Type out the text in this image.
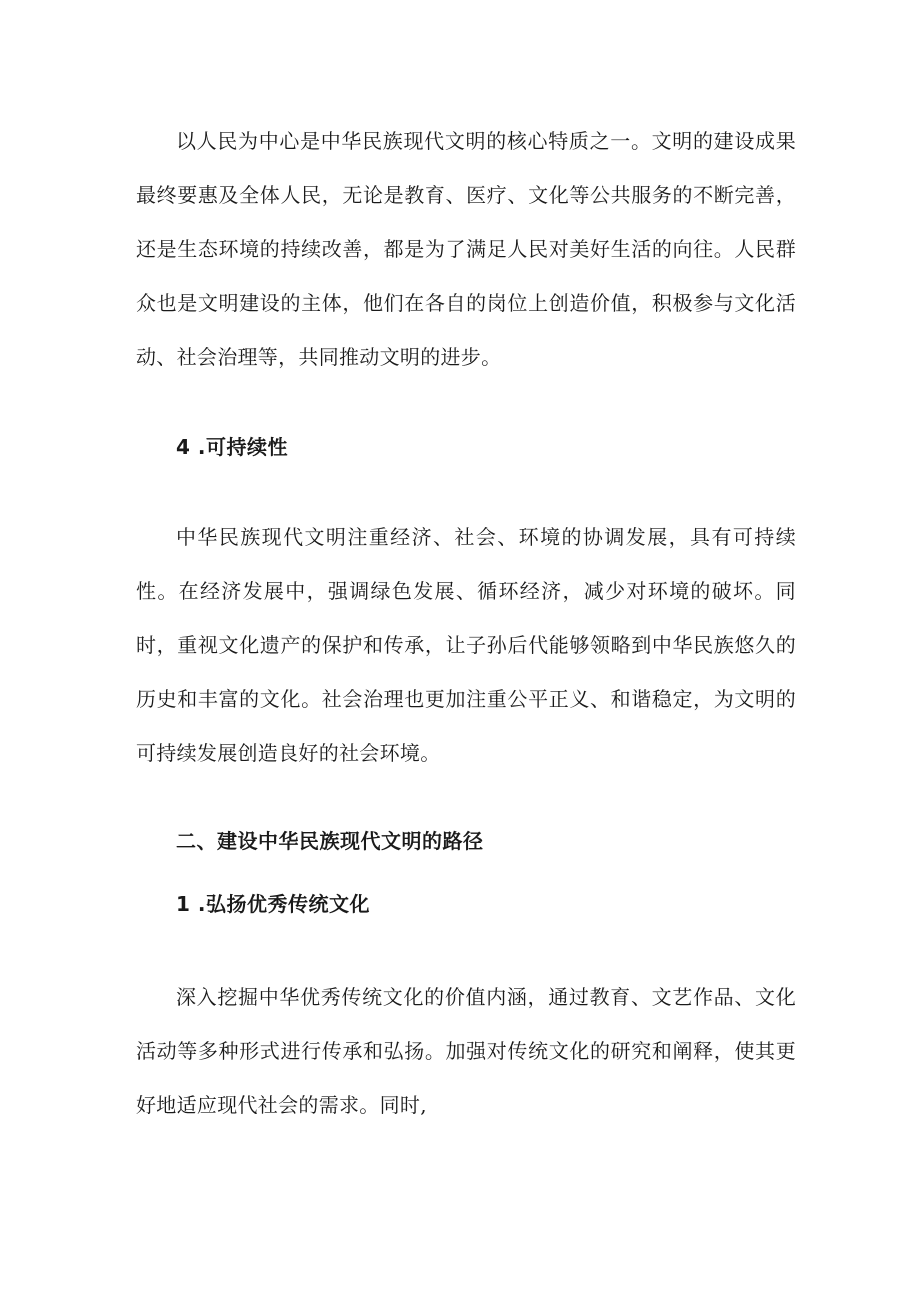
以人民为中心是中华民族现代文明的核心特质之一。文明的建设成果最终要惠及全体人民，无论是教育、医疗、文化等公共服务的不断完善，还是生态环境的持续改善，都是为了满足人民对美好生活的向往。人民群众也是文明建设的主体，他们在各自的岗位上创造价值，积极参与文化活动、社会治理等，共同推动文明的进步。

4 .可持续性

中华民族现代文明注重经济、社会、环境的协调发展，具有可持续性。在经济发展中，强调绿色发展、循环经济，减少对环境的破坏。同时，重视文化遗产的保护和传承，让子孙后代能够领略到中华民族悠久的历史和丰富的文化。社会治理也更加注重公平正义、和谐稳定，为文明的可持续发展创造良好的社会环境。

二、建设中华民族现代文明的路径
1 .弘扬优秀传统文化

深入挖掘中华优秀传统文化的价值内涵，通过教育、文艺作品、文化活动等多种形式进行传承和弘扬。加强对传统文化的研究和阐释，使其更好地适应现代社会的需求。同时,
